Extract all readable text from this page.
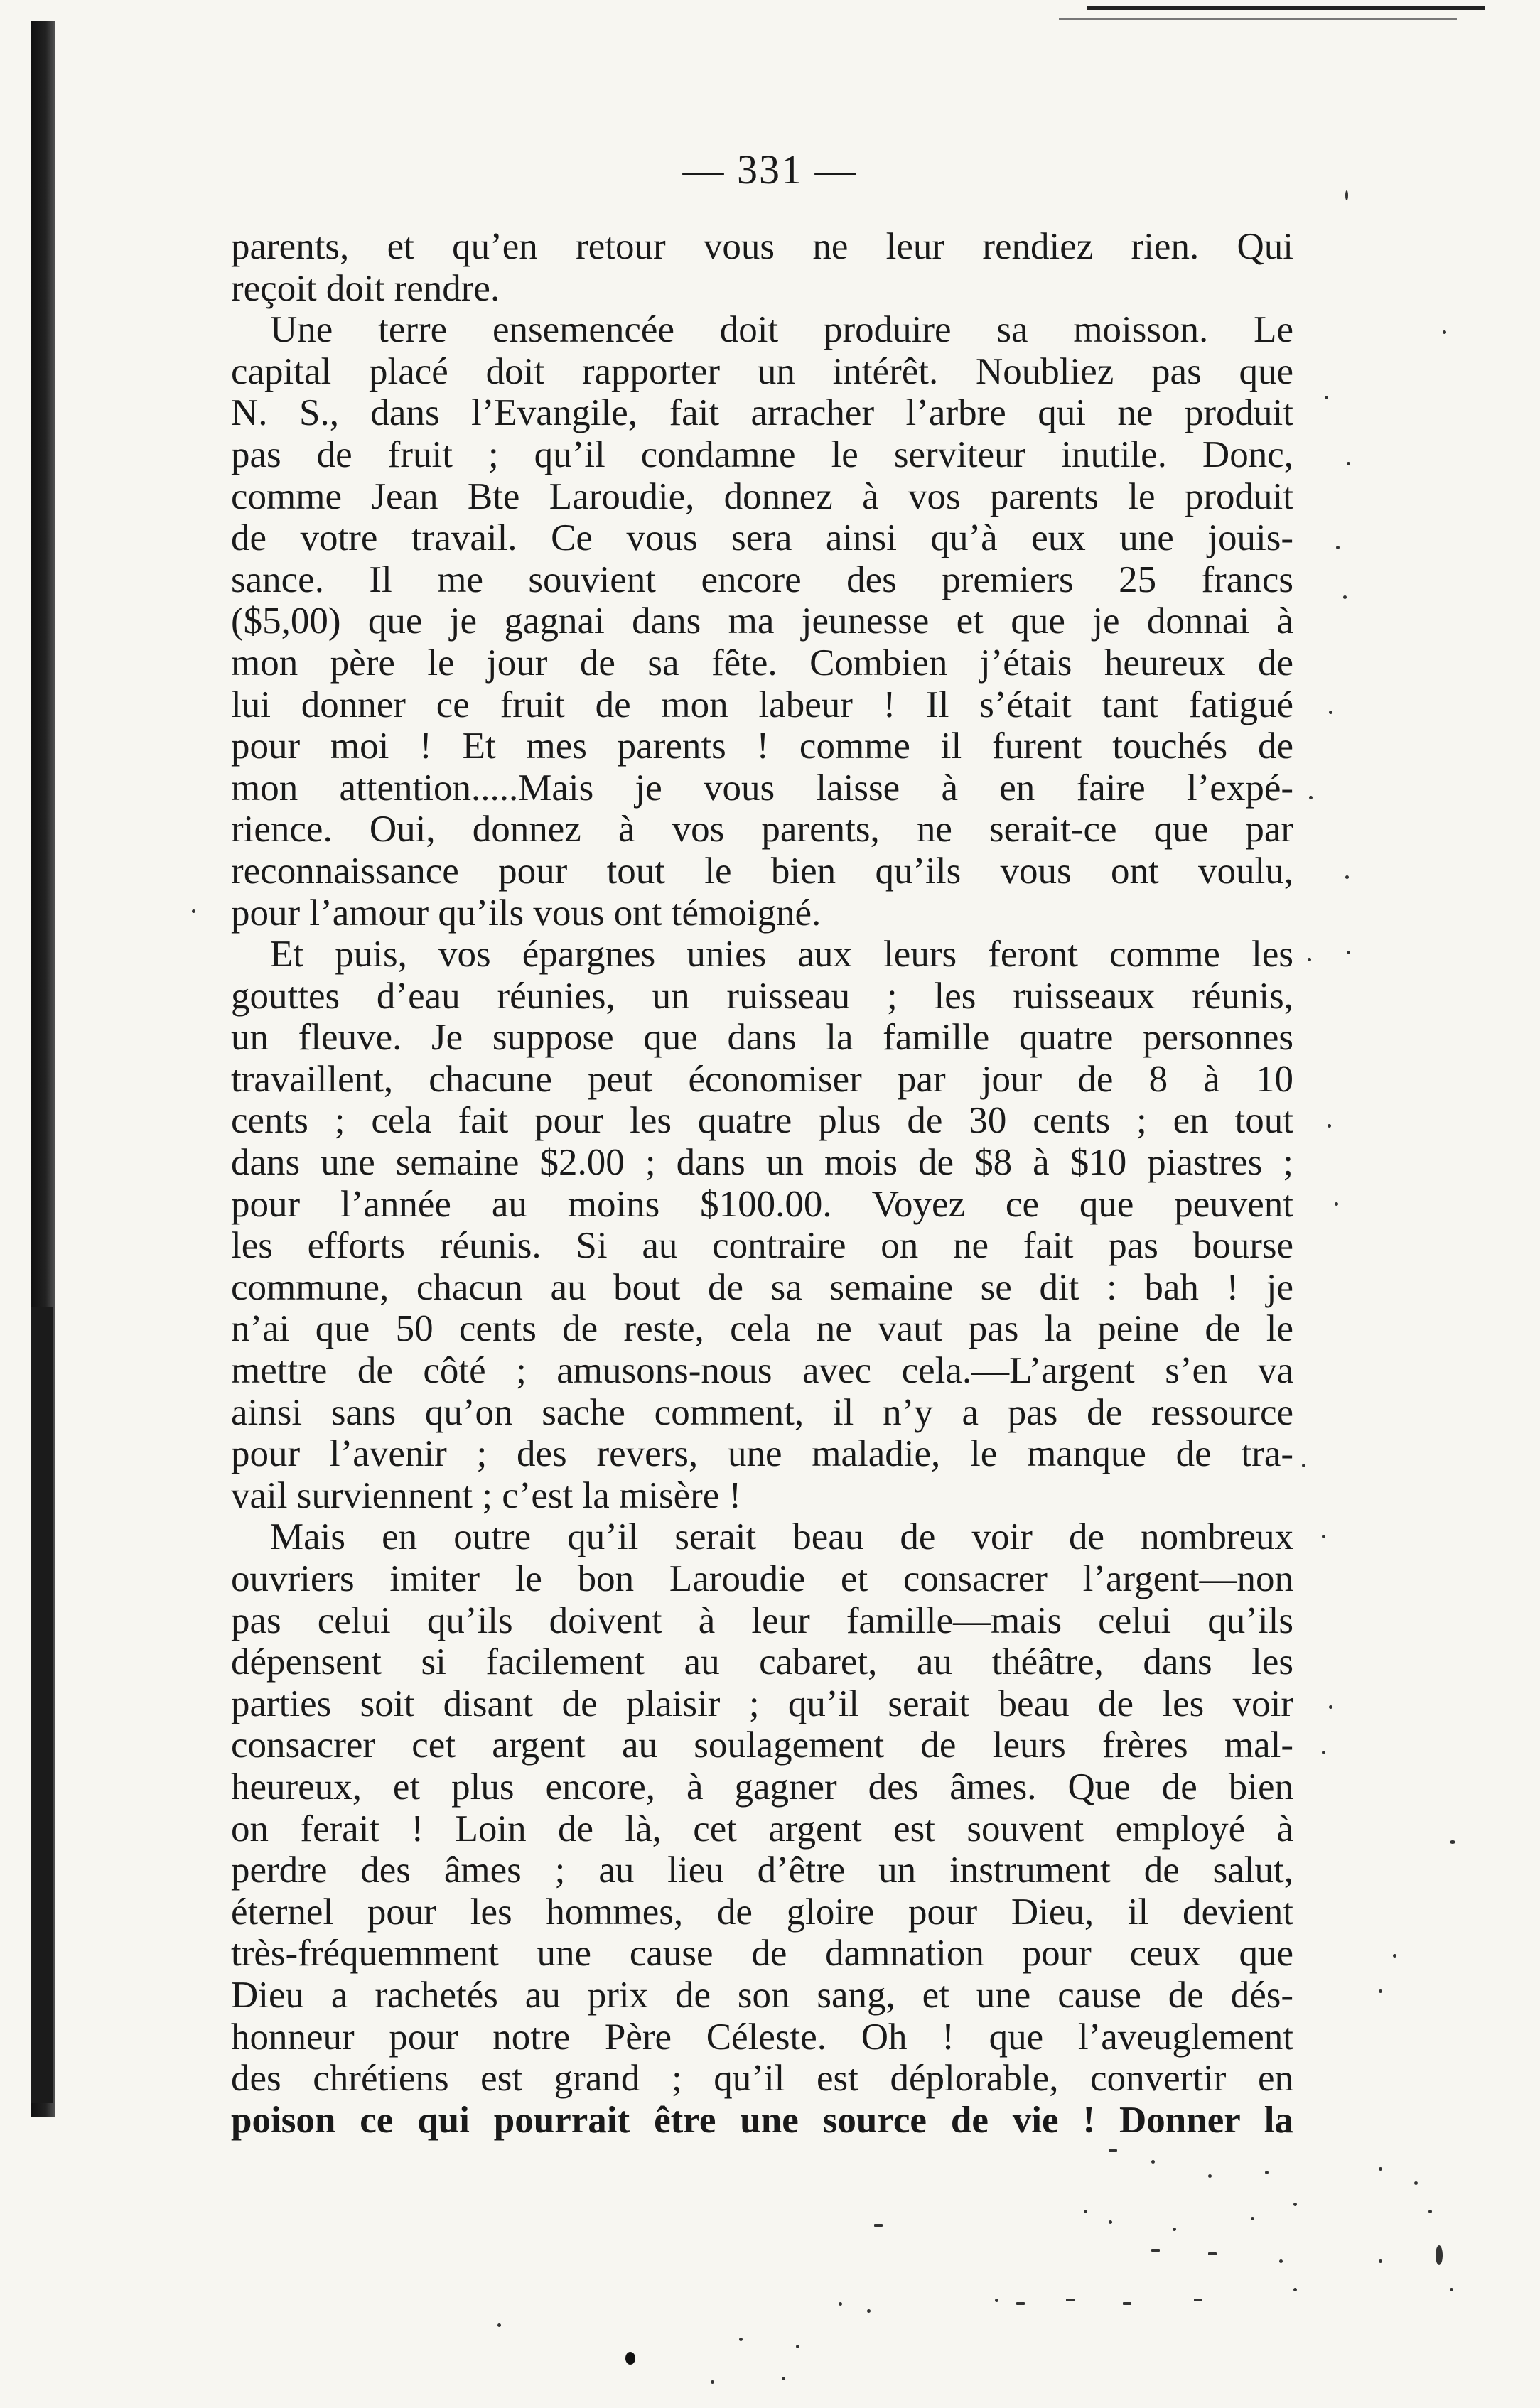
— 331 —
parents, et qu’en retour vous ne leur rendiez rien. Qui
reçoit doit rendre.
Une terre ensemencée doit produire sa moisson. Le
capital placé doit rapporter un intérêt. Noubliez pas que
N. S., dans l’Evangile, fait arracher l’arbre qui ne produit
pas de fruit ; qu’il condamne le serviteur inutile. Donc,
comme Jean Bte Laroudie, donnez à vos parents le produit
de votre travail. Ce vous sera ainsi qu’à eux une jouis-
sance. Il me souvient encore des premiers 25 francs
($5,00) que je gagnai dans ma jeunesse et que je donnai à
mon père le jour de sa fête. Combien j’étais heureux de
lui donner ce fruit de mon labeur ! Il s’était tant fatigué
pour moi ! Et mes parents ! comme il furent touchés de
mon attention.....Mais je vous laisse à en faire l’expé-
rience. Oui, donnez à vos parents, ne serait-ce que par
reconnaissance pour tout le bien qu’ils vous ont voulu,
pour l’amour qu’ils vous ont témoigné.
Et puis, vos épargnes unies aux leurs feront comme les
gouttes d’eau réunies, un ruisseau ; les ruisseaux réunis,
un fleuve. Je suppose que dans la famille quatre personnes
travaillent, chacune peut économiser par jour de 8 à 10
cents ; cela fait pour les quatre plus de 30 cents ; en tout
dans une semaine $2.00 ; dans un mois de $8 à $10 piastres ;
pour l’année au moins $100.00. Voyez ce que peuvent
les efforts réunis. Si au contraire on ne fait pas bourse
commune, chacun au bout de sa semaine se dit : bah ! je
n’ai que 50 cents de reste, cela ne vaut pas la peine de le
mettre de côté ; amusons-nous avec cela.—L’argent s’en va
ainsi sans qu’on sache comment, il n’y a pas de ressource
pour l’avenir ; des revers, une maladie, le manque de tra-
vail surviennent ; c’est la misère !
Mais en outre qu’il serait beau de voir de nombreux
ouvriers imiter le bon Laroudie et consacrer l’argent—non
pas celui qu’ils doivent à leur famille—mais celui qu’ils
dépensent si facilement au cabaret, au théâtre, dans les
parties soit disant de plaisir ; qu’il serait beau de les voir
consacrer cet argent au soulagement de leurs frères mal-
heureux, et plus encore, à gagner des âmes. Que de bien
on ferait ! Loin de là, cet argent est souvent employé à
perdre des âmes ; au lieu d’être un instrument de salut,
éternel pour les hommes, de gloire pour Dieu, il devient
très-fréquemment une cause de damnation pour ceux que
Dieu a rachetés au prix de son sang, et une cause de dés-
honneur pour notre Père Céleste. Oh ! que l’aveuglement
des chrétiens est grand ; qu’il est déplorable, convertir en
poison ce qui pourrait être une source de vie ! Donner la
